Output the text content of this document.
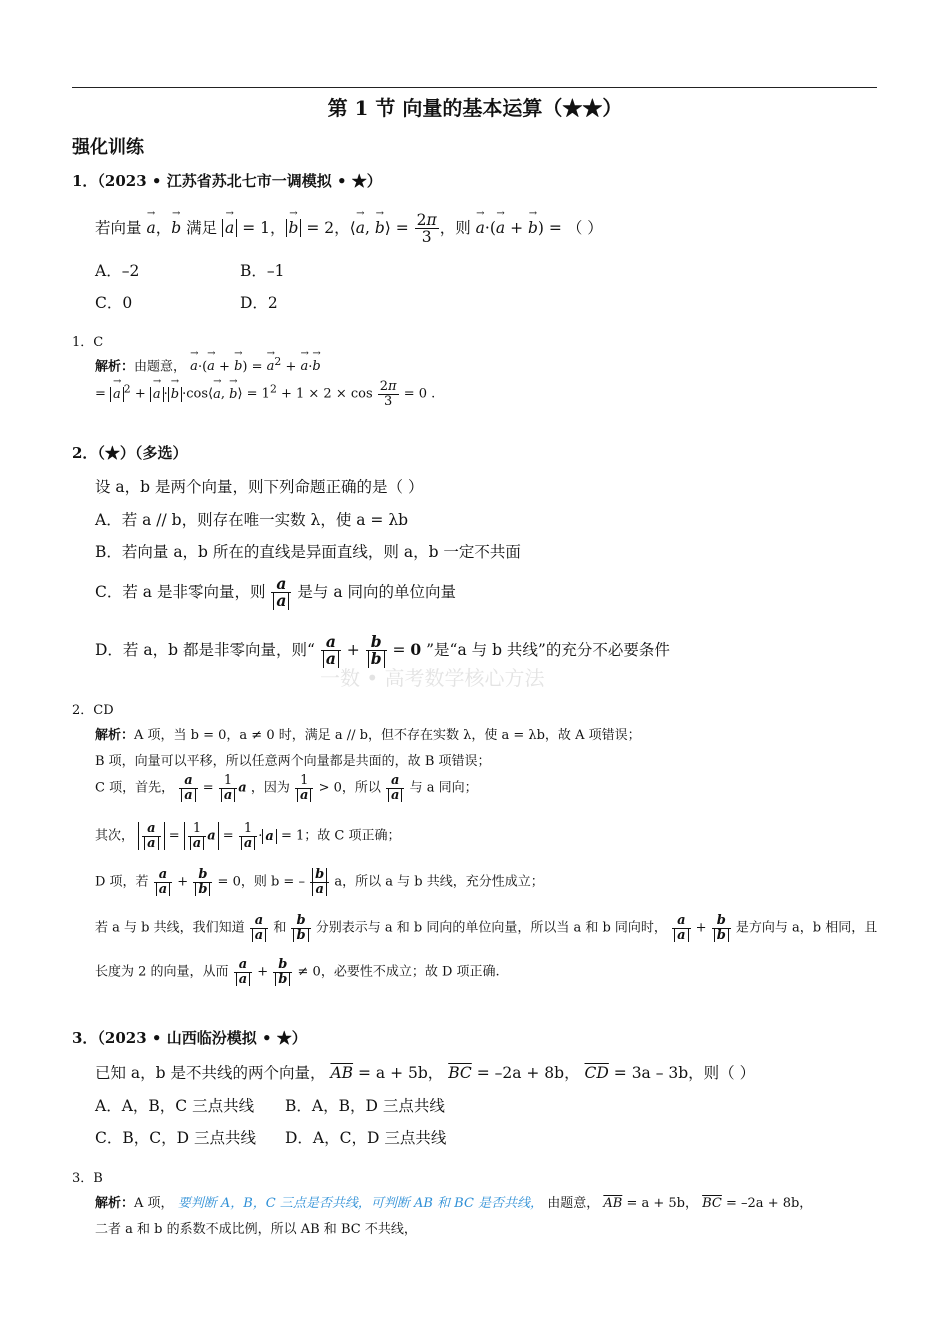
第 1 节 向量的基本运算（★★）
强化训练
1．（2023 • 江苏省苏北七市一调模拟 • ★）
若向量 → a，→ b 满足 → a = 1， → b = 2，⟨→ a, → b⟩ = $\frac{2\pi}{3}$ ，则 → a·(→ a + → b) = （ ）
A．–2	B．–1
C．0	D．2
1．C
解析：由题意， → a·(→ a + → b) = → $a^2$ + → a·→ b
= → a $^2$ + → a · → b ·cos⟨→ a, → b⟩ = $1^2 + 1 \times 2 \times \cos \frac{2\pi}{3} = 0$ .
2．（★）（多选）
设 a，b 是两个向量，则下列命题正确的是（ ）
A．若 a // b，则存在唯一实数 λ，使 a = λb
B．若向量 a，b 所在的直线是异面直线，则 a，b 一定不共面
C．若 a 是非零向量，则 $\frac{a}{a}$ 是与 a 同向的单位向量
D．若 a，b 都是非零向量，则“ $\frac{a}{a} + \frac{b}{b} = 0$ ”是“a 与 b 共线”的充分不必要条件
一数 • 高考数学核心方法
2．CD
解析：A 项，当 b = 0，a ≠ 0 时，满足 a // b，但不存在实数 λ，使 a = λb，故 A 项错误；
B 项，向量可以平移，所以任意两个向量都是共面的，故 B 项错误；
C 项，首先， $\frac{a}{a} = \frac{1}{a}$ a ，因为 $\frac{1}{a} > 0$，所以 $\frac{a}{a}$ 与 a 同向；
其次， $\frac{a}{a} = \frac{1}{a}$ $a = \frac{1}{a} \cdot a = 1$；故 C 项正确；
D 项，若 $\frac{a}{a} + \frac{b}{b} = 0$，则 b = – $\frac{b}{a}$ a，所以 a 与 b 共线，充分性成立；
若 a 与 b 共线，我们知道 $\frac{a}{a}$ 和 $\frac{b}{b}$ 分别表示与 a 和 b 同向的单位向量，所以当 a 和 b 同向时， $\frac{a}{a} + \frac{b}{b}$ 是方向与 a，b 相同，且
长度为 2 的向量，从而 $\frac{a}{a} + \frac{b}{b} \ne 0$，必要性不成立；故 D 项正确.
3．（2023 • 山西临汾模拟 • ★）
已知 a，b 是不共线的两个向量， $\overline{AB} = a + 5b$， $\overline{BC} = -2a + 8b$， $\overline{CD} = 3a - 3b$，则（ ）
A．A，B，C 三点共线 B．A，B，D 三点共线
C．B，C，D 三点共线 D．A，C，D 三点共线
3．B
解析：A 项， 要判断 A，B，C 三点是否共线，可判断 AB 和 BC 是否共线， 由题意， $\overline{AB} = a + 5b$， $\overline{BC} = -2a + 8b$，
二者 a 和 b 的系数不成比例，所以 AB 和 BC 不共线，
